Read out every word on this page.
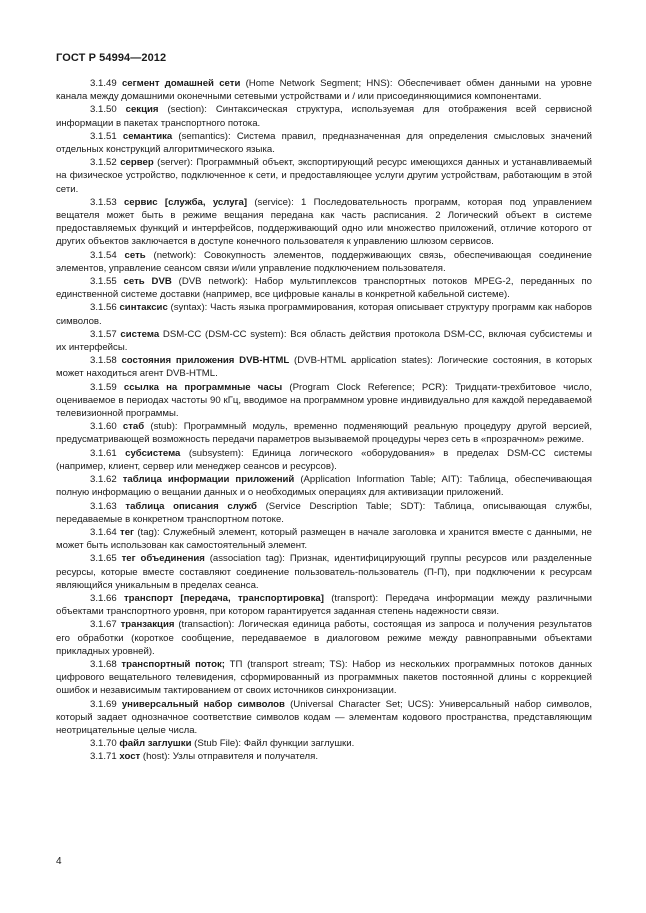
ГОСТ Р 54994—2012

3.1.49 сегмент домашней сети (Home Network Segment; HNS): Обеспечивает обмен данными на уровне канала между домашними оконечными сетевыми устройствами и / или присоединяющимися компонентами.

3.1.50 секция (section): Синтаксическая структура, используемая для отображения всей сервисной информации в пакетах транспортного потока.

3.1.51 семантика (semantics): Система правил, предназначенная для определения смысловых значений отдельных конструкций алгоритмического языка.

3.1.52 сервер (server): Программный объект, экспортирующий ресурс имеющихся данных и устанавливаемый на физическое устройство, подключенное к сети, и предоставляющее услуги другим устройствам, работающим в этой сети.

3.1.53 сервис [служба, услуга] (service): 1 Последовательность программ, которая под управлением вещателя может быть в режиме вещания передана как часть расписания. 2 Логический объект в системе предоставляемых функций и интерфейсов, поддерживающий одно или множество приложений, отличие которого от других объектов заключается в доступе конечного пользователя к управлению шлюзом сервисов.

3.1.54 сеть (network): Совокупность элементов, поддерживающих связь, обеспечивающая соединение элементов, управление сеансом связи и/или управление подключением пользователя.

3.1.55 сеть DVB (DVB network): Набор мультиплексов транспортных потоков MPEG-2, переданных по единственной системе доставки (например, все цифровые каналы в конкретной кабельной системе).

3.1.56 синтаксис (syntax): Часть языка программирования, которая описывает структуру программ как наборов символов.

3.1.57 система DSM-CC (DSM-CC system): Вся область действия протокола DSM-CC, включая субсистемы и их интерфейсы.

3.1.58 состояния приложения DVB-HTML (DVB-HTML application states): Логические состояния, в которых может находиться агент DVB-HTML.

3.1.59 ссылка на программные часы (Program Clock Reference; PCR): Тридцати-трехбитовое число, оцениваемое в периодах частоты 90 кГц, вводимое на программном уровне индивидуально для каждой передаваемой телевизионной программы.

3.1.60 стаб (stub): Программный модуль, временно подменяющий реальную процедуру другой версией, предусматривающей возможность передачи параметров вызываемой процедуры через сеть в «прозрачном» режиме.

3.1.61 субсистема (subsystem): Единица логического «оборудования» в пределах DSM-CC системы (например, клиент, сервер или менеджер сеансов и ресурсов).

3.1.62 таблица информации приложений (Application Information Table; AIT): Таблица, обеспечивающая полную информацию о вещании данных и о необходимых операциях для активизации приложений.

3.1.63 таблица описания служб (Service Description Table; SDT): Таблица, описывающая службы, передаваемые в конкретном транспортном потоке.

3.1.64 тег (tag): Служебный элемент, который размещен в начале заголовка и хранится вместе с данными, не может быть использован как самостоятельный элемент.

3.1.65 тег объединения (association tag): Признак, идентифицирующий группы ресурсов или разделенные ресурсы, которые вместе составляют соединение пользователь-пользователь (П-П), при подключении к ресурсам являющийся уникальным в пределах сеанса.

3.1.66 транспорт [передача, транспортировка] (transport): Передача информации между различными объектами транспортного уровня, при котором гарантируется заданная степень надежности связи.

3.1.67 транзакция (transaction): Логическая единица работы, состоящая из запроса и получения результатов его обработки (короткое сообщение, передаваемое в диалоговом режиме между равноправными объектами прикладных уровней).

3.1.68 транспортный поток; ТП (transport stream; TS): Набор из нескольких программных потоков данных цифрового вещательного телевидения, сформированный из программных пакетов постоянной длины с коррекцией ошибок и независимым тактированием от своих источников синхронизации.

3.1.69 универсальный набор символов (Universal Character Set; UCS): Универсальный набор символов, который задает однозначное соответствие символов кодам — элементам кодового пространства, представляющим неотрицательные целые числа.

3.1.70 файл заглушки (Stub File): Файл функции заглушки.

3.1.71 хост (host): Узлы отправителя и получателя.

4
